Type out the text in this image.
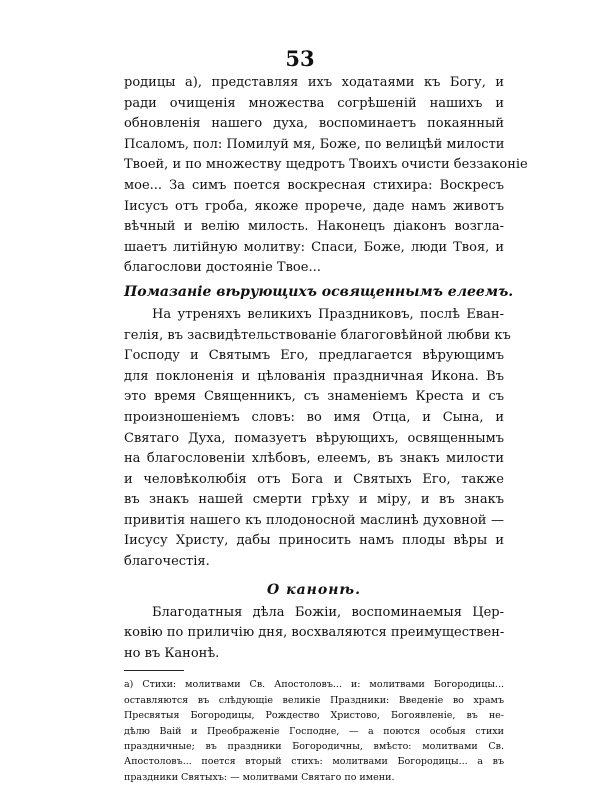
53
родицы а), представляя ихъ ходатаями къ Богу, и
ради очищенія множества согрѣшеній нашихъ и
обновленія нашего духа, воспоминаетъ покаянный
Псаломъ, пол: Помилуй мя, Боже, по велицѣй милости
Твоей, и по множеству щедротъ Твоихъ очисти беззаконіе
мое... За симъ поется воскресная стихира: Воскресъ
Іисусъ отъ гроба, якоже прорече, даде намъ животъ
вѣчный и велію милость. Наконецъ діаконъ возгла-
шаетъ литійную молитву: Спаси, Боже, люди Твоя, и
благослови достояніе Твое...
Помазаніе вѣрующихъ освященнымъ елеемъ.
На утреняхъ великихъ Праздниковъ, послѣ Еван-
гелія, въ засвидѣтельствованіе благоговѣйной любви къ
Господу и Святымъ Его, предлагается вѣрующимъ
для поклоненія и цѣлованія праздничная Икона. Въ
это время Священникъ, съ знаменіемъ Креста и съ
произношеніемъ словъ: во имя Отца, и Сына, и
Святаго Духа, помазуетъ вѣрующихъ, освященнымъ
на благословеніи хлѣбовъ, елеемъ, въ знакъ милости
и человѣколюбія отъ Бога и Святыхъ Его, также
въ знакъ нашей смерти грѣху и міру, и въ знакъ
привитія нашего къ плодоносной маслинѣ духовной —
Іисусу Христу, дабы приносить намъ плоды вѣры и
благочестія.
О канонѣ.
Благодатныя дѣла Божіи, воспоминаемыя Цер-
ковію по приличію дня, восхваляются преимуществен-
но въ Канонѣ.
а) Стихи: молитвами Св. Апостоловъ... и: молитвами Богородицы...
оставляются въ слѣдующіе великіе Праздники: Введеніе во храмъ
Пресвятыя Богородицы, Рождество Христово, Богоявленіе, въ не-
дѣлю Ваій и Преображеніе Господне, — а поются особыя стихи
праздничные; въ праздники Богородичны, вмѣсто: молитвами Св.
Апостоловъ... поется вторый стихъ: молитвами Богородицы... а въ
праздники Святыхъ: — молитвами Святаго по имени.
